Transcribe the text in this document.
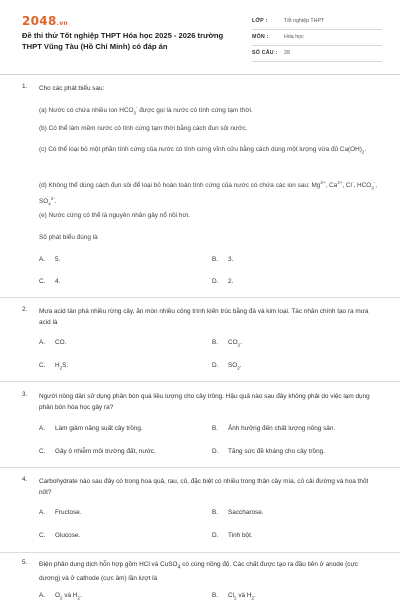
2048.vn
Đề thi thử Tốt nghiệp THPT Hóa học 2025 - 2026 trường THPT Vũng Tàu (Hồ Chí Minh) có đáp án
LỚP :	Tốt nghiệp THPT
MÔN :	Hóa học
SỐ CÂU : 28
1. Cho các phát biểu sau:
(a) Nước có chứa nhiều ion $HCO_3^-$ được gọi là nước có tính cứng tạm thời.
(b) Có thể làm mềm nước có tính cứng tạm thời bằng cách đun sôi nước.
(c) Có thể loại bỏ một phần tính cứng của nước có tính cứng vĩnh cửu bằng cách dùng một lượng vừa đủ $Ca(OH)_2$.
(d) Không thể dùng cách đun sôi để loại bỏ hoàn toàn tính cứng của nước có chứa các ion sau: $Mg^{2+}$, $Ca^{2+}$, Cl-, $HCO_3^-$, $SO_4^{2-}$.
(e) Nước cứng có thể là nguyên nhân gây nổ nồi hơi.
Số phát biểu đúng là
A. 5.	B. 3.
C. 4.	D. 2.
2. Mưa acid tàn phá nhiều rừng cây, ăn mòn nhiều công trình kiến trúc bằng đá và kim loại. Tác nhân chính tạo ra mưa acid là
A. CO.	B. $CO_2$.
C. $H_2S$.	D. $SO_2$.
3. Người nông dân sử dụng phân bón quá liều lượng cho cây trồng. Hậu quả nào sau đây không phải do việc lạm dụng phân bón hóa học gây ra?
A. Làm giảm năng suất cây trồng.	B. Ảnh hưởng đến chất lượng nông sản.
C. Gây ô nhiễm môi trường đất, nước.	D. Tăng sức đề kháng cho cây trồng.
4. Carbohydrate nào sau đây có trong hoa quả, rau, củ, đặc biệt có nhiều trong thân cây mía, củ cải đường và hoa thốt nốt?
A. Fructose.	B. Saccharose.
C. Glucose.	D. Tinh bột.
5. Điện phân dung dịch hỗn hợp gồm HCl và CuSO$_4$ có cùng nồng độ. Các chất được tạo ra đầu tiên ở anode (cực dương) và ở cathode (cực âm) lần lượt là
A. $O_2$ và $H_2$.	B. $Cl_2$ và $H_2$.
